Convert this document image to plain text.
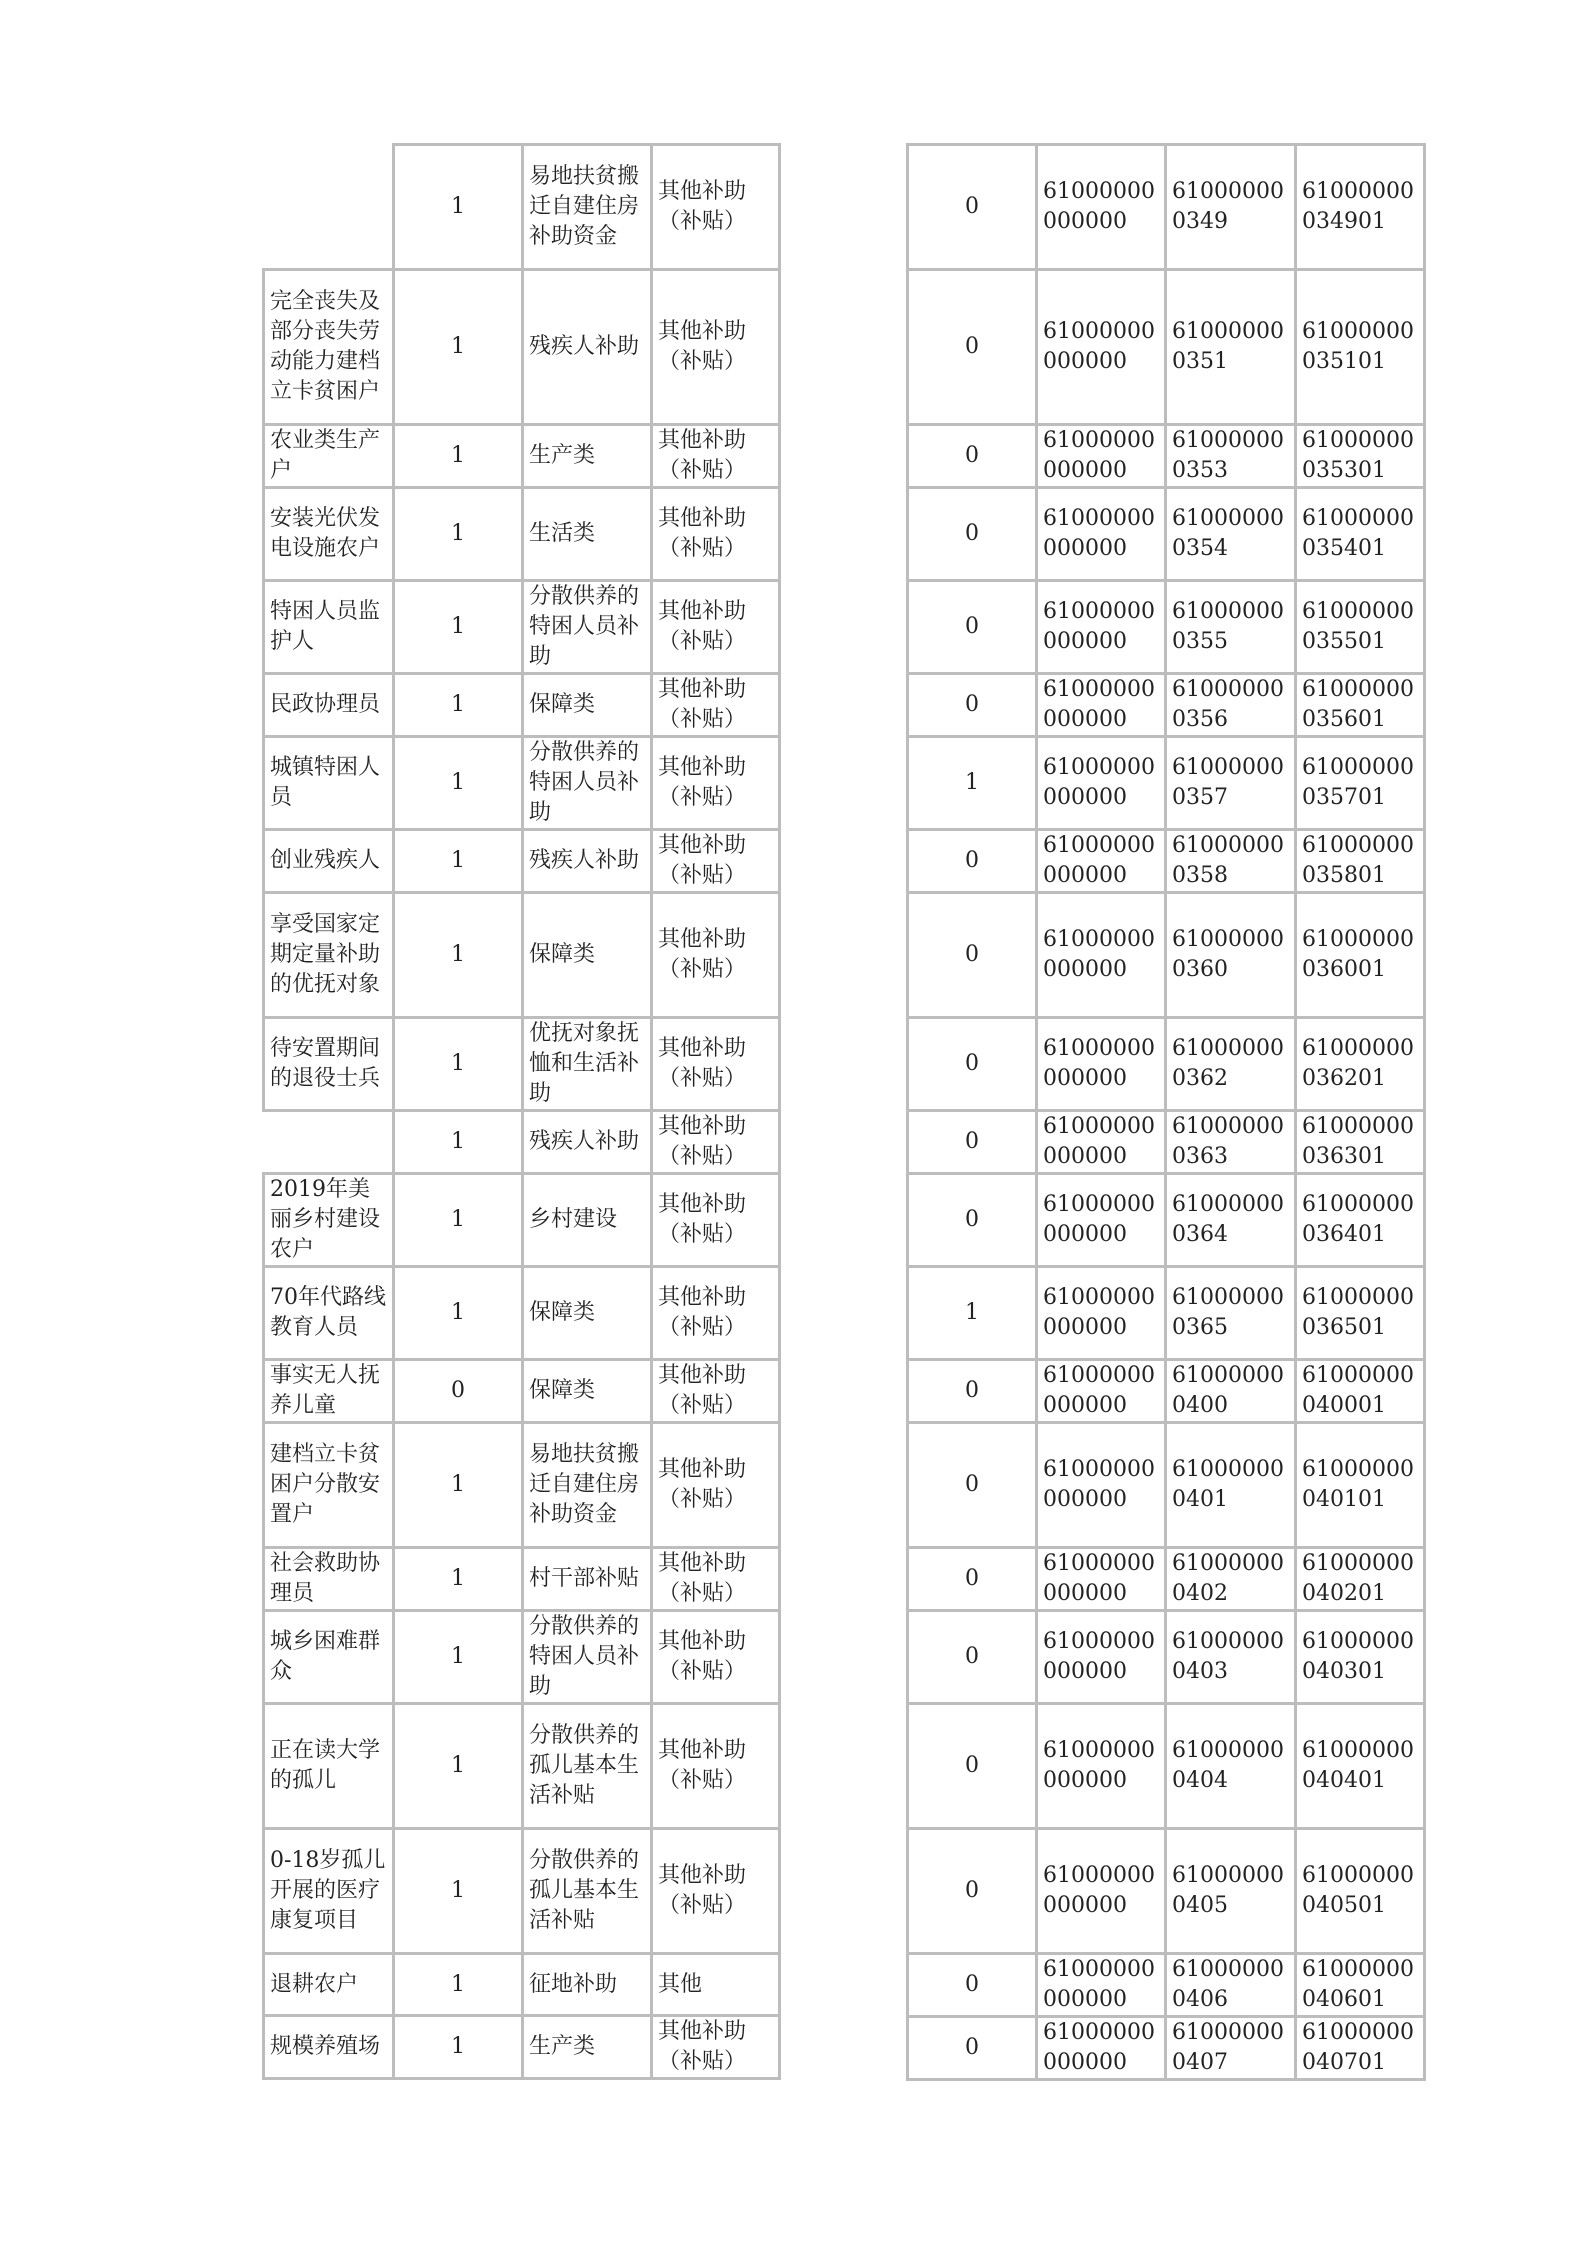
	1	易地扶贫搬迁自建住房补助资金	其他补助（补贴）
完全丧失及部分丧失劳动能力建档立卡贫困户	1	残疾人补助	其他补助（补贴）
农业类生产户	1	生产类	其他补助（补贴）
安装光伏发电设施农户	1	生活类	其他补助（补贴）
特困人员监护人	1	分散供养的特困人员补助	其他补助（补贴）
民政协理员	1	保障类	其他补助（补贴）
城镇特困人员	1	分散供养的特困人员补助	其他补助（补贴）
创业残疾人	1	残疾人补助	其他补助（补贴）
享受国家定期定量补助的优抚对象	1	保障类	其他补助（补贴）
待安置期间的退役士兵	1	优抚对象抚恤和生活补助	其他补助（补贴）
	1	残疾人补助	其他补助（补贴）
2019年美丽乡村建设农户	1	乡村建设	其他补助（补贴）
70年代路线教育人员	1	保障类	其他补助（补贴）
事实无人抚养儿童	0	保障类	其他补助（补贴）
建档立卡贫困户分散安置户	1	易地扶贫搬迁自建住房补助资金	其他补助（补贴）
社会救助协理员	1	村干部补贴	其他补助（补贴）
城乡困难群众	1	分散供养的特困人员补助	其他补助（补贴）
正在读大学的孤儿	1	分散供养的孤儿基本生活补贴	其他补助（补贴）
0-18岁孤儿开展的医疗康复项目	1	分散供养的孤儿基本生活补贴	其他补助（补贴）
退耕农户	1	征地补助	其他
规模养殖场	1	生产类	其他补助（补贴）
0	61000000000000	610000000349	61000000034901
0	61000000000000	610000000351	61000000035101
0	61000000000000	610000000353	61000000035301
0	61000000000000	610000000354	61000000035401
0	61000000000000	610000000355	61000000035501
0	61000000000000	610000000356	61000000035601
1	61000000000000	610000000357	61000000035701
0	61000000000000	610000000358	61000000035801
0	61000000000000	610000000360	61000000036001
0	61000000000000	610000000362	61000000036201
0	61000000000000	610000000363	61000000036301
0	61000000000000	610000000364	61000000036401
1	61000000000000	610000000365	61000000036501
0	61000000000000	610000000400	61000000040001
0	61000000000000	610000000401	61000000040101
0	61000000000000	610000000402	61000000040201
0	61000000000000	610000000403	61000000040301
0	61000000000000	610000000404	61000000040401
0	61000000000000	610000000405	61000000040501
0	61000000000000	610000000406	61000000040601
0	61000000000000	610000000407	61000000040701
